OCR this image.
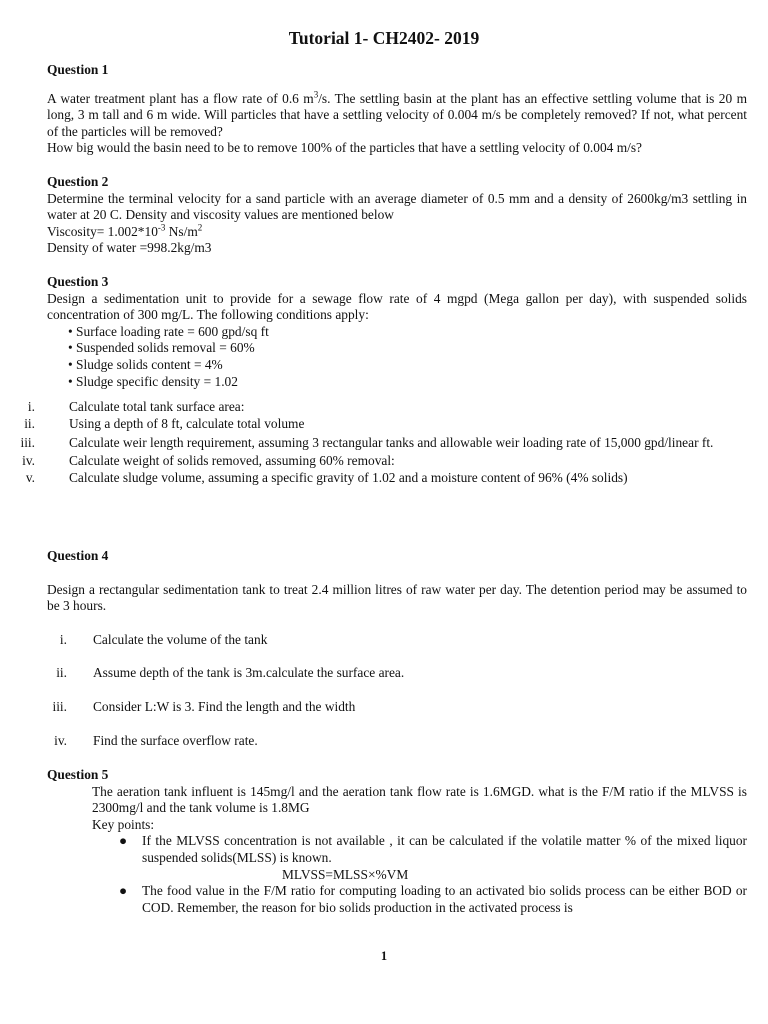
Tutorial 1- CH2402- 2019

Question 1

A water treatment plant has a flow rate of 0.6 $m^3/s$. The settling basin at the plant has an effective settling volume that is 20 m long, 3 m tall and 6 m wide. Will particles that have a settling velocity of 0.004 m/s be completely removed? If not, what percent of the particles will be removed?

How big would the basin need to be to remove 100% of the particles that have a settling velocity of 0.004 m/s?

Question 2

Determine the terminal velocity for a sand particle with an average diameter of 0.5 mm and a density of 2600kg/m3 settling in water at 20 C. Density and viscosity values are mentioned below

Viscosity= $1.002*10^{-3}$ $Ns/m^2$

Density of water =998.2kg/m3

Question 3

Design a sedimentation unit to provide for a sewage flow rate of 4 mgpd (Mega gallon per day), with suspended solids concentration of 300 mg/L. The following conditions apply:

• Surface loading rate = 600 gpd/sq ft
• Suspended solids removal = 60%
• Sludge solids content = 4%
• Sludge specific density = 1.02
i.	Calculate total tank surface area:
ii.	Using a depth of 8 ft, calculate total volume
iii.	Calculate weir length requirement, assuming 3 rectangular tanks and allowable weir loading rate of 15,000 gpd/linear ft.
iv.	Calculate weight of solids removed, assuming 60% removal:
v.	Calculate sludge volume, assuming a specific gravity of 1.02 and a moisture content of 96% (4% solids)

Question 4

Design a rectangular sedimentation tank to treat 2.4 million litres of raw water per day. The detention period may be assumed to be 3 hours.

i. Calculate the volume of the tank
ii. Assume depth of the tank is 3m.calculate the surface area.
iii. Consider L:W is 3. Find the length and the width
iv. Find the surface overflow rate.

Question 5

The aeration tank influent is 145mg/l and the aeration tank flow rate is 1.6MGD. what is the F/M ratio if the MLVSS is 2300mg/l and the tank volume is 1.8MG

Key points:

● If the MLVSS concentration is not available , it can be calculated if the volatile matter % of the mixed liquor suspended solids(MLSS) is known.

MLVSS=MLSS×%VM

● The food value in the F/M ratio for computing loading to an activated bio solids process can be either BOD or COD. Remember, the reason for bio solids production in the activated process is

1
